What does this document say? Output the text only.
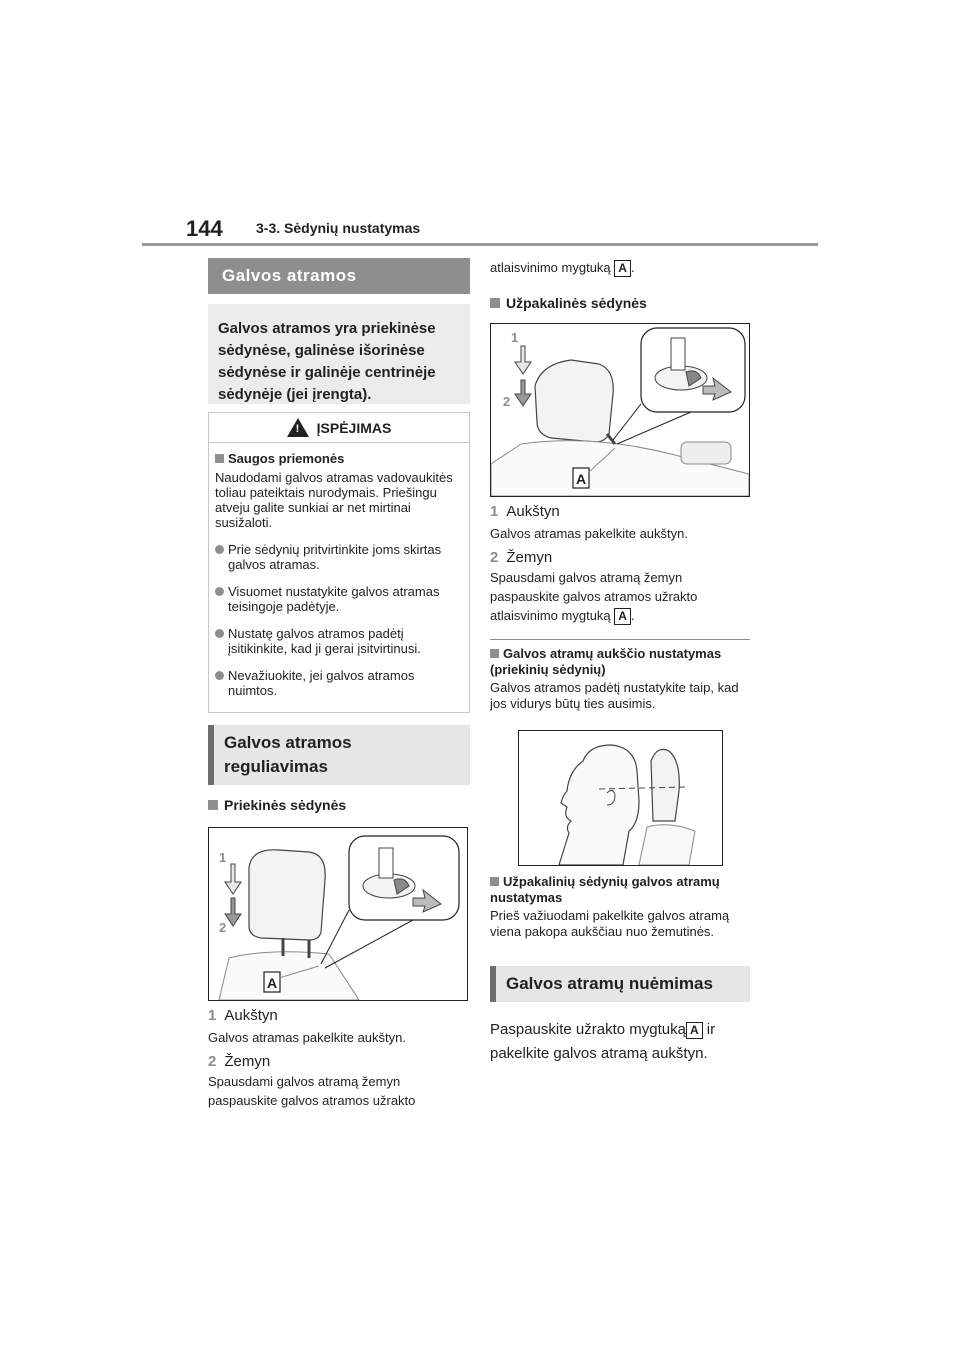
144 3-3. Sėdynių nustatymas
Galvos atramos
Galvos atramos yra priekinėse sėdynėse, galinėse išorinėse sėdynėse ir galinėje centrinėje sėdynėje (jei įrengta).
! ĮSPĖJIMAS

Saugos priemonės

Naudodami galvos atramas vadovaukitės toliau pateiktais nurodymais. Priešingu atveju galite sunkiai ar net mirtinai susižaloti.

Prie sėdynių pritvirtinkite joms skirtas galvos atramas.
Visuomet nustatykite galvos atramas teisingoje padėtyje.
Nustatę galvos atramos padėtį įsitikinkite, kad ji gerai įsitvirtinusi.
Nevažiuokite, jei galvos atramos nuimtos.
Galvos atramos reguliavimas
Priekinės sėdynės
1
2
A
1 Aukštyn
Galvos atramas pakelkite aukštyn.
2 Žemyn
Spausdami galvos atramą žemyn
paspauskite galvos atramos užrakto
atlaisvinimo mygtuką A .
Užpakalinės sėdynės
1
2
A
1 Aukštyn
Galvos atramas pakelkite aukštyn.
2 Žemyn
Spausdami galvos atramą žemyn
paspauskite galvos atramos užrakto
atlaisvinimo mygtuką A .
Galvos atramų aukščio nustatymas (priekinių sėdynių)
Galvos atramos padėtį nustatykite taip, kad jos vidurys būtų ties ausimis.
Užpakalinių sėdynių galvos atramų nustatymas
Prieš važiuodami pakelkite galvos atramą viena pakopa aukščiau nuo žemutinės.
Galvos atramų nuėmimas
Paspauskite užrakto mygtuką A ir
pakelkite galvos atramą aukštyn.
